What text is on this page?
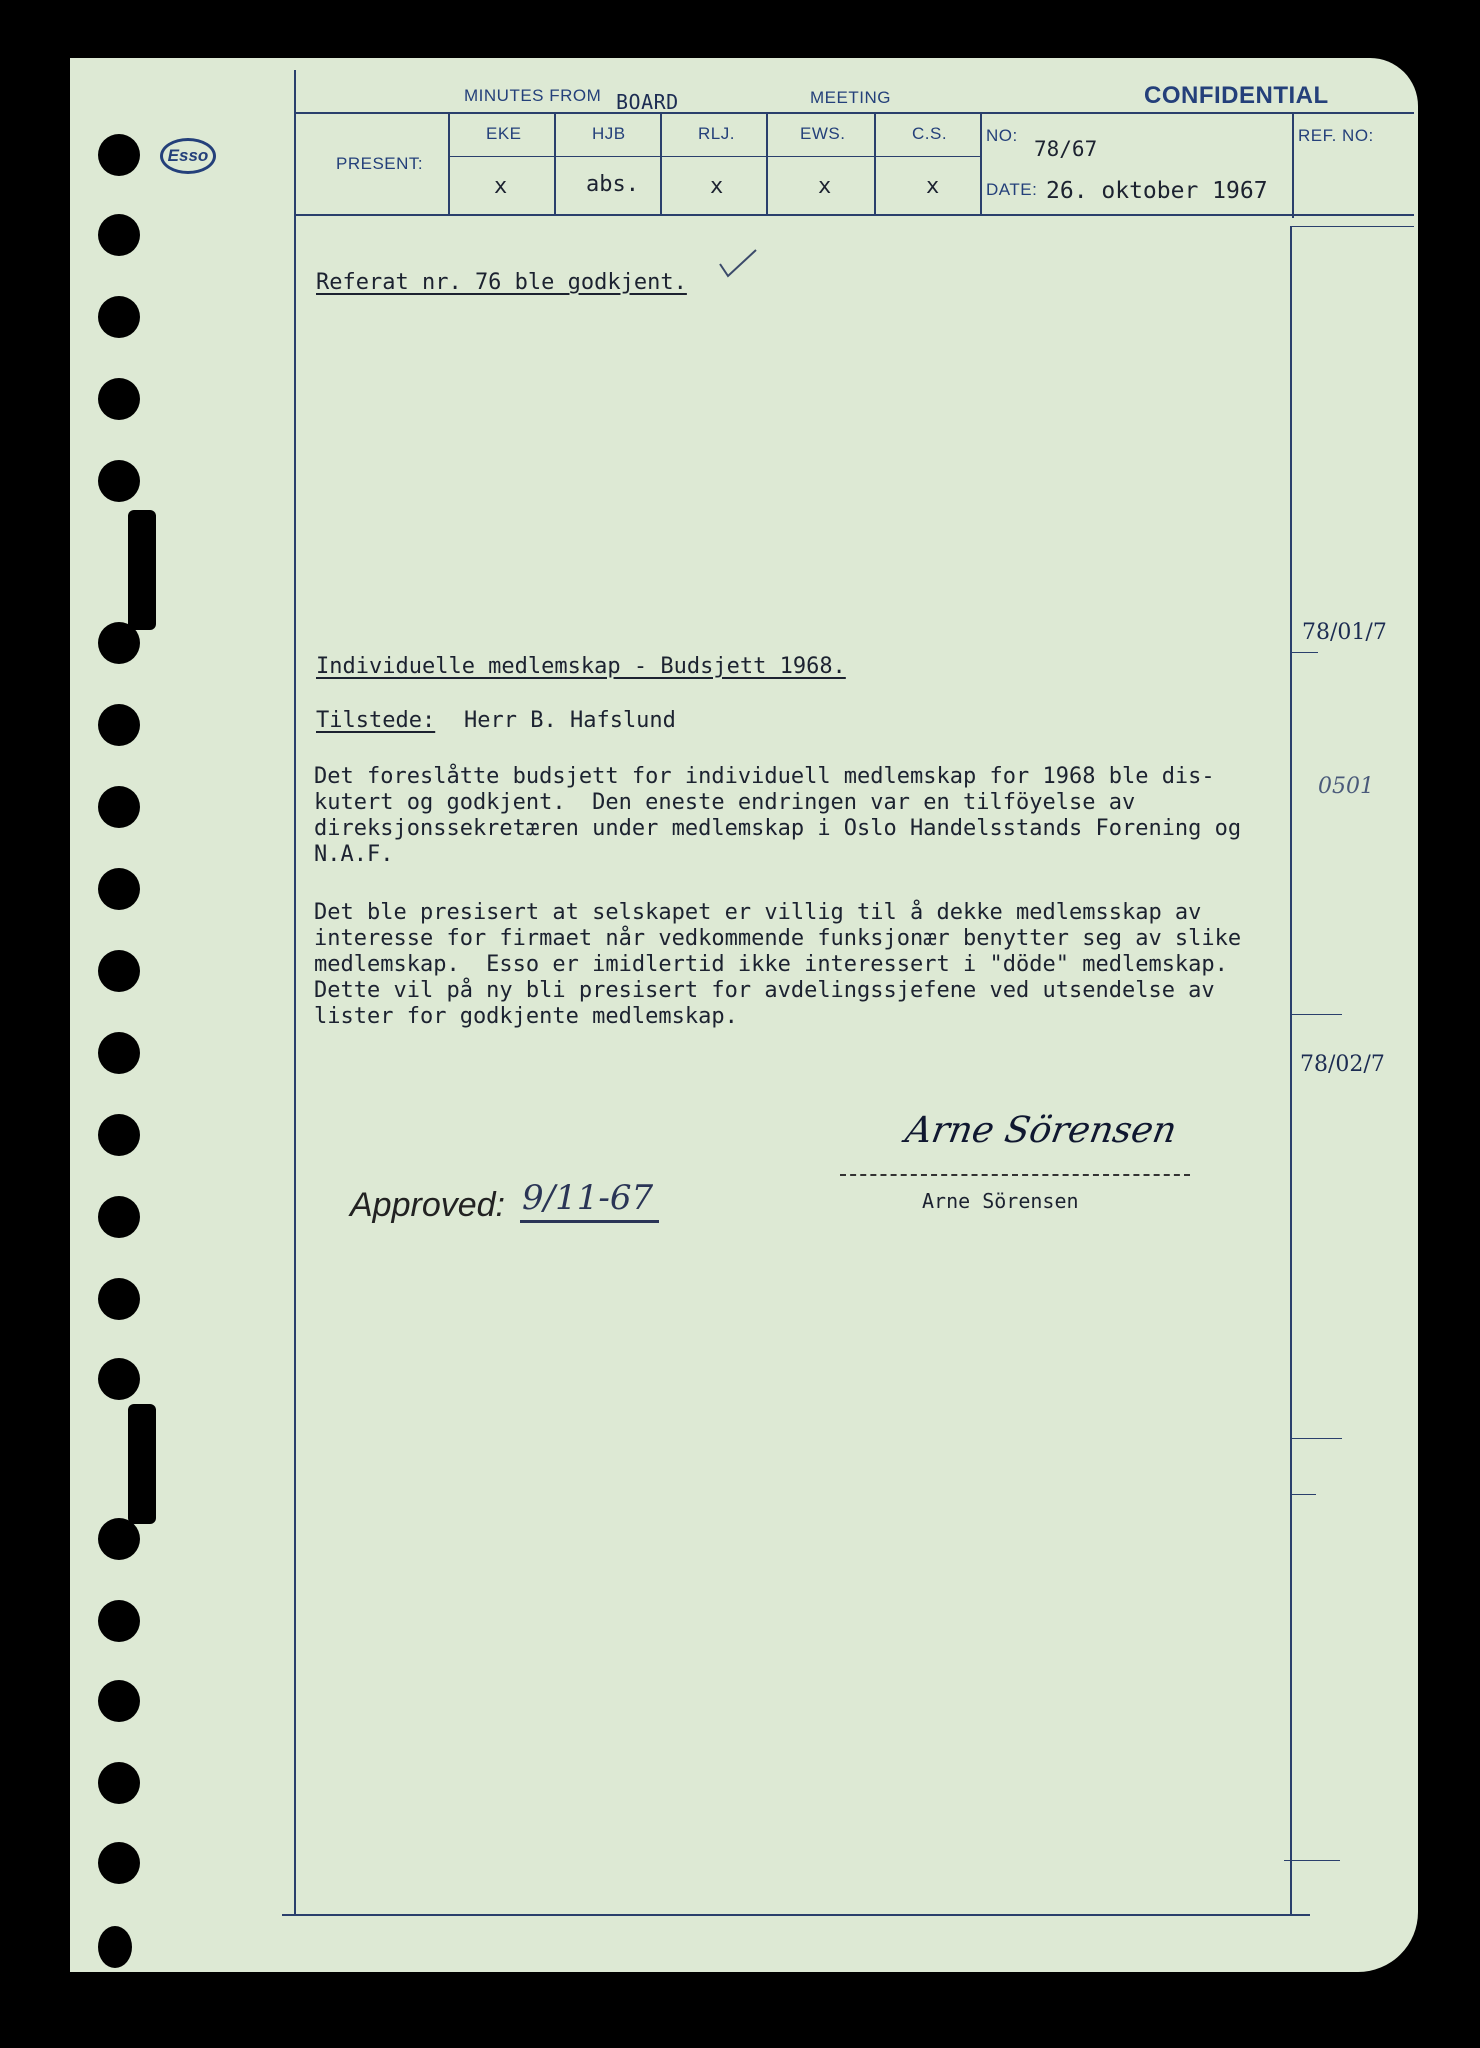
Esso
MINUTES FROM BOARD	MEETING	CONFIDENTIAL
PRESENT:
EKE	HJB	RLJ.	EWS.	C.S.
x	abs.	x	x	x
NO:
78/67
DATE: 26. oktober 1967
REF. NO:
Referat nr. 76 ble godkjent.
Individuelle medlemskap - Budsjett 1968.
Tilstede: Herr B. Hafslund
Det foreslåtte budsjett for individuell medlemskap for 1968 ble dis-
kutert og godkjent.  Den eneste endringen var en tilföyelse av
direksjonssekretæren under medlemskap i Oslo Handelsstands Forening og
N.A.F.
Det ble presisert at selskapet er villig til å dekke medlemsskap av
interesse for firmaet når vedkommende funksjonær benytter seg av slike
medlemskap.  Esso er imidlertid ikke interessert i "döde" medlemskap.
Dette vil på ny bli presisert for avdelingssjefene ved utsendelse av
lister for godkjente medlemskap.
Arne Sörensen
Arne Sörensen
Approved: 9/11-67
78/01/7
0501
78/02/7
